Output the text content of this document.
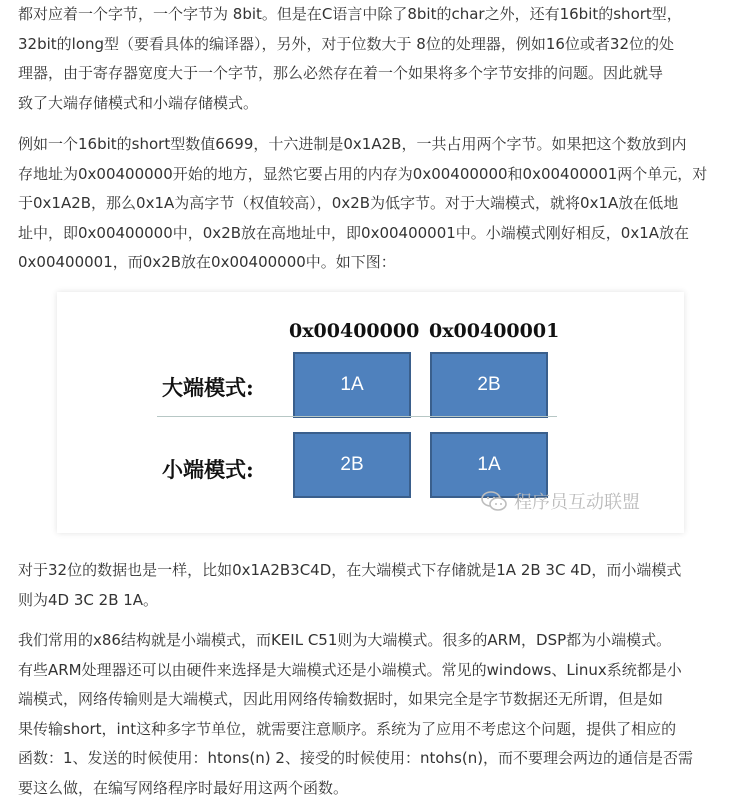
都对应着一个字节，一个字节为 8bit。但是在C语言中除了8bit的char之外，还有16bit的short型，
32bit的long型（要看具体的编译器），另外，对于位数大于 8位的处理器，例如16位或者32位的处
理器，由于寄存器宽度大于一个字节，那么必然存在着一个如果将多个字节安排的问题。因此就导
致了大端存储模式和小端存储模式。
例如一个16bit的short型数值6699，十六进制是0x1A2B，一共占用两个字节。如果把这个数放到内
存地址为0x00400000开始的地方，显然它要占用的内存为0x00400000和0x00400001两个单元，对
于0x1A2B，那么0x1A为高字节（权值较高），0x2B为低字节。对于大端模式，就将0x1A放在低地
址中，即0x00400000中，0x2B放在高地址中，即0x00400001中。小端模式刚好相反，0x1A放在
0x00400001，而0x2B放在0x00400000中。如下图：
0x00400000 0x00400001
大端模式:	1A	2B
小端模式:	2B	1A
程序员互动联盟
对于32位的数据也是一样，比如0x1A2B3C4D，在大端模式下存储就是1A 2B 3C 4D，而小端模式
则为4D 3C 2B 1A。
我们常用的x86结构就是小端模式，而KEIL C51则为大端模式。很多的ARM，DSP都为小端模式。
有些ARM处理器还可以由硬件来选择是大端模式还是小端模式。常见的windows、Linux系统都是小
端模式，网络传输则是大端模式，因此用网络传输数据时，如果完全是字节数据还无所谓，但是如
果传输short，int这种多字节单位，就需要注意顺序。系统为了应用不考虑这个问题，提供了相应的
函数：1、发送的时候使用：htons(n) 2、接受的时候使用：ntohs(n)，而不要理会两边的通信是否需
要这么做，在编写网络程序时最好用这两个函数。
